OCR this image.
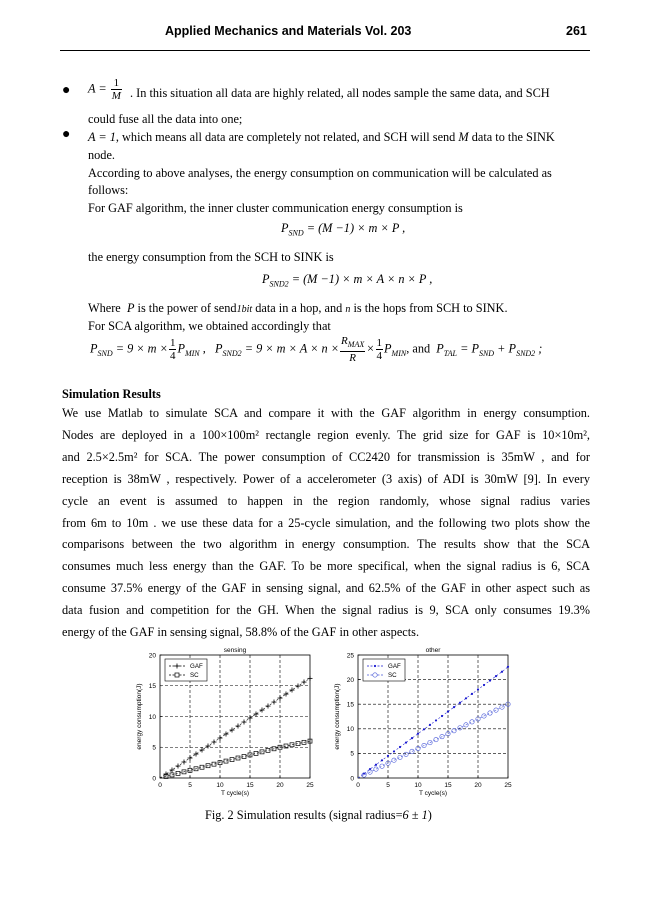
Applied Mechanics and Materials Vol. 203	261
● $A = \frac{1}{M}$ . In this situation all data are highly related, all nodes sample the same data, and SCH
could fuse all the data into one;
● A = 1, which means all data are completely not related, and SCH will send M data to the SINK
node.
According to above analyses, the energy consumption on communication will be calculated as
follows:
For GAF algorithm, the inner cluster communication energy consumption is
$P_{SND} = (M -1) \times m \times P$ ,
the energy consumption from the SCH to SINK is
$P_{SND2} = (M -1) \times m \times A \times n \times P$ ,
Where P is the power of send1bit data in a hop, and n is the hops from SCH to SINK.
For SCA algorithm, we obtained accordingly that
$P_{SND} = 9 \times m \times \frac{1}{4} P_{MIN}$ ,   $P_{SND2} = 9 \times m \times A \times n \times \frac{R_{MAX}}{R} \times \frac{1}{4} P_{MIN}$, and  $P_{TAL} = P_{SND} + P_{SND2}$ ;
Simulation Results
We use Matlab to simulate SCA and compare it with the GAF algorithm in energy consumption.
Nodes are deployed in a 100×100m² rectangle region evenly. The grid size for GAF is 10×10m²,
and 2.5×2.5m² for SCA. The power consumption of CC2420 for transmission is 35mW , and for
reception is 38mW , respectively. Power of a accelerometer (3 axis) of ADI is 30mW [9]. In every
cycle an event is assumed to happen in the region randomly, whose signal radius varies
from 6m to 10m . we use these data for a 25-cycle simulation, and the following two plots show the
comparisons between the two algorithm in energy consumption. The results show that the SCA
consumes much less energy than the GAF. To be more specifical, when the signal radius is 6, SCA
consume 37.5% energy of the GAF in sensing signal, and 62.5% of the GAF in other aspect such as
data fusion and competition for the GH. When the signal radius is 9, SCA only consumes 19.3%
energy of the GAF in sensing signal, 58.8% of the GAF in other aspects.
0	5	10	15	20	25
0
5
10
15
20
sensing
T cycle(s)
energy consumption(J)
GAF
SC
0	5	10	15	20	25
0
5
10
15
20
25
other
T cycle(s)
energy consumption(J)
GAF
SC
Fig. 2 Simulation results (signal radius=6 ± 1)
